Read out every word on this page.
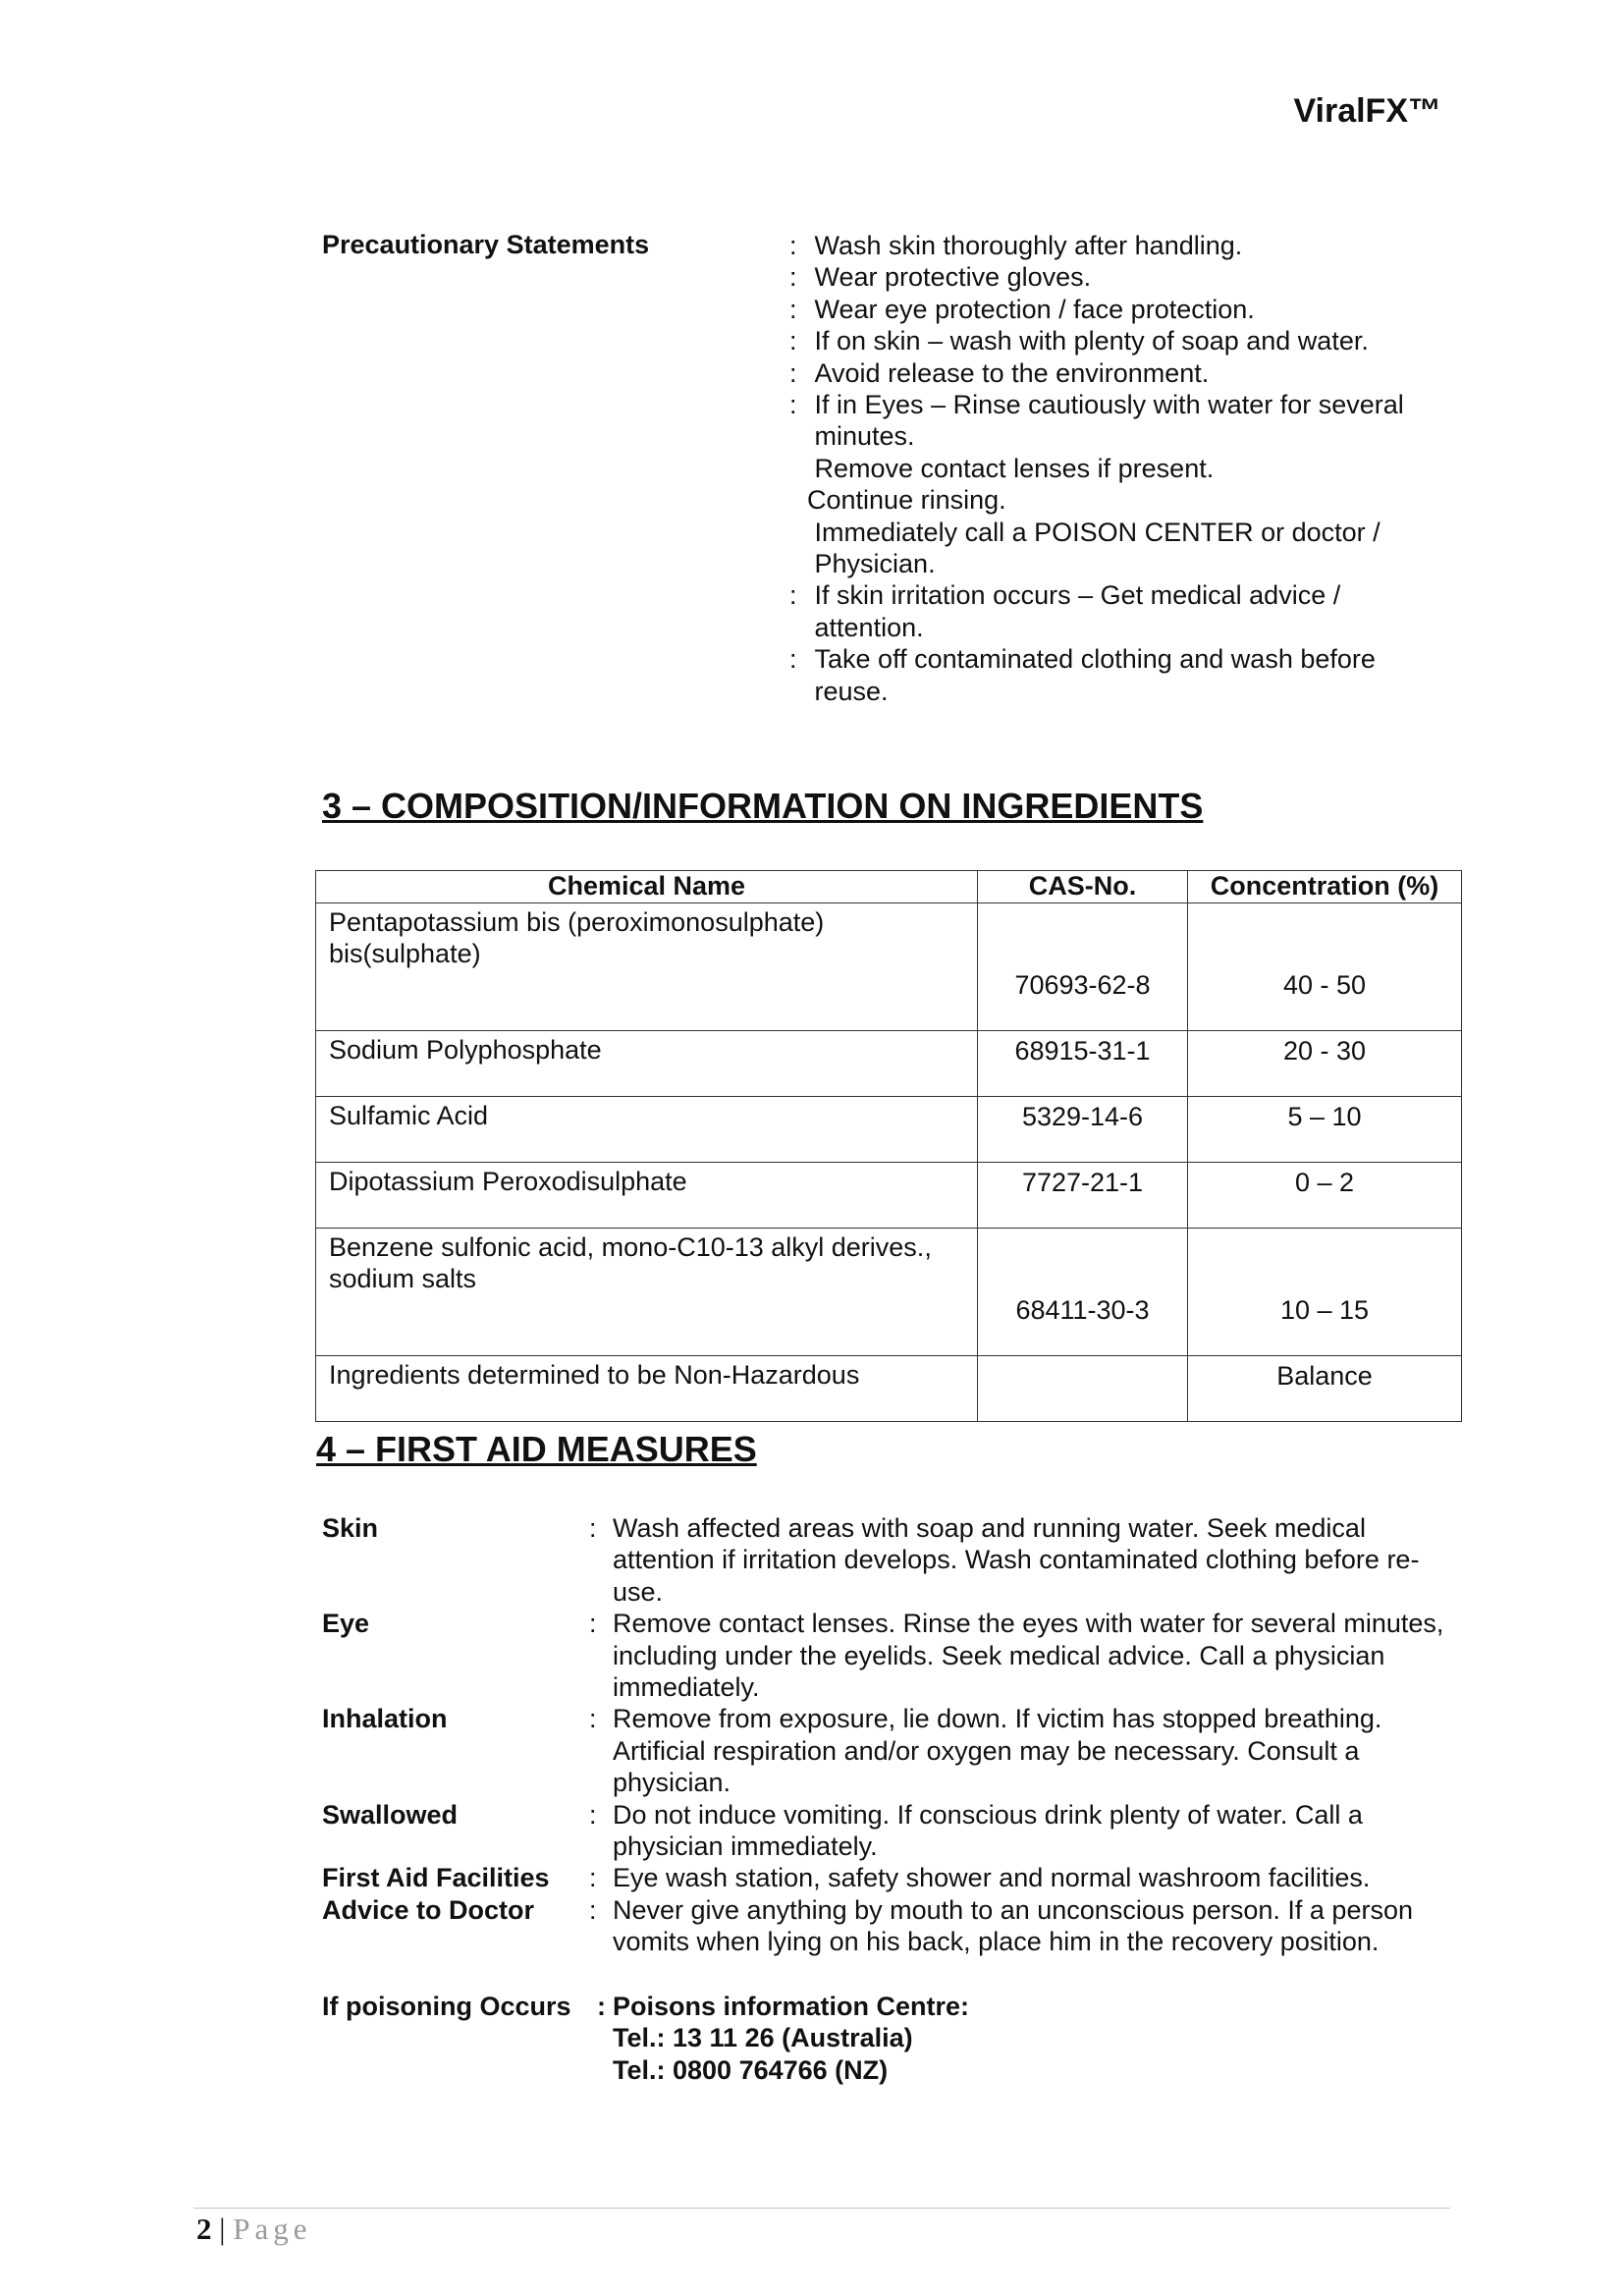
ViralFX™
Precautionary Statements	: Wash skin thoroughly after handling.
: Wear protective gloves.
: Wear eye protection / face protection.
: If on skin – wash with plenty of soap and water.
: Avoid release to the environment.
: If in Eyes – Rinse cautiously with water for several
minutes.
Remove contact lenses if present.
Continue rinsing.
Immediately call a POISON CENTER or doctor /
Physician.
: If skin irritation occurs – Get medical advice /
attention.
: Take off contaminated clothing and wash before
reuse.
3 – COMPOSITION/INFORMATION ON INGREDIENTS
Chemical Name	CAS-No.	Concentration (%)
Pentapotassium bis (peroximonosulphate) bis(sulphate)	70693-62-8	40 - 50
Sodium Polyphosphate	68915-31-1	20 - 30
Sulfamic Acid	5329-14-6	5 – 10
Dipotassium Peroxodisulphate	7727-21-1	0 – 2
Benzene sulfonic acid, mono-C10-13 alkyl derives., sodium salts	68411-30-3	10 – 15
Ingredients determined to be Non-Hazardous		Balance
4 – FIRST AID MEASURES
Skin	: Wash affected areas with soap and running water. Seek medical attention if irritation develops. Wash contaminated clothing before re-use.
Eye	: Remove contact lenses. Rinse the eyes with water for several minutes, including under the eyelids. Seek medical advice. Call a physician immediately.
Inhalation	: Remove from exposure, lie down. If victim has stopped breathing. Artificial respiration and/or oxygen may be necessary. Consult a physician.
Swallowed	: Do not induce vomiting. If conscious drink plenty of water. Call a physician immediately.
First Aid Facilities	: Eye wash station, safety shower and normal washroom facilities.
Advice to Doctor	: Never give anything by mouth to an unconscious person. If a person vomits when lying on his back, place him in the recovery position.
If poisoning Occurs : Poisons information Centre:
Tel.: 13 11 26 (Australia)
Tel.: 0800 764766 (NZ)
2 | Page
